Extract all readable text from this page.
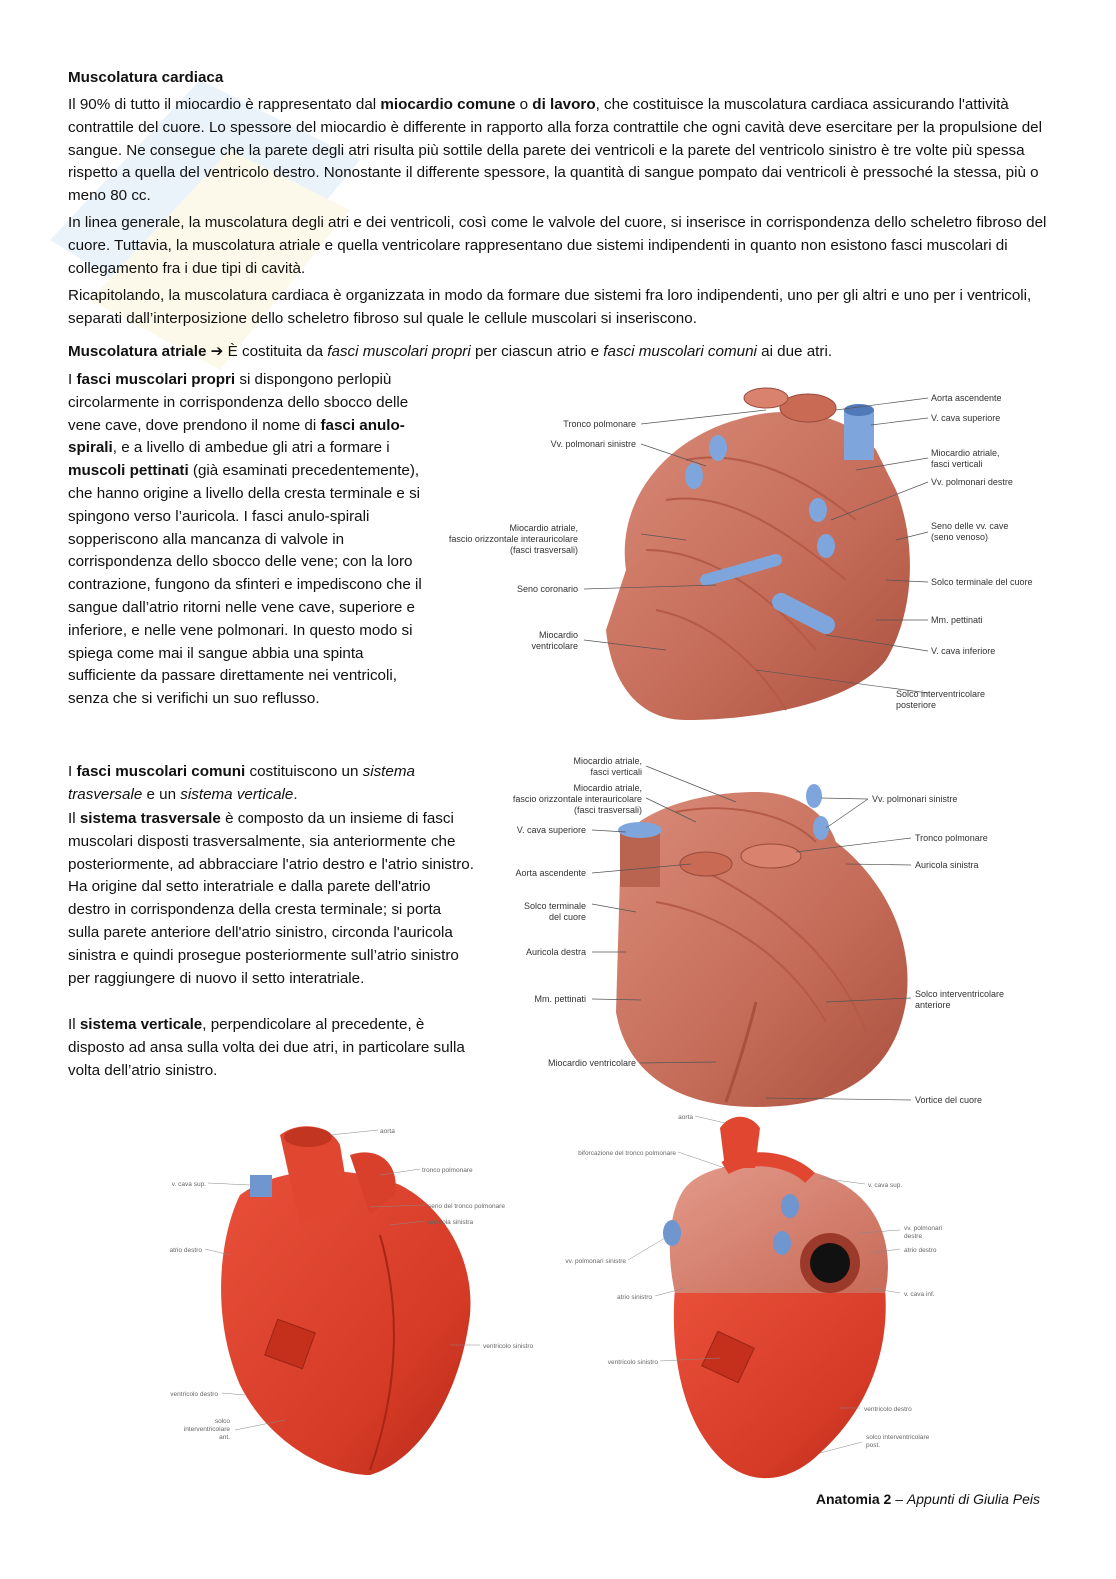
Muscolatura cardiaca

Il 90% di tutto il miocardio è rappresentato dal miocardio comune o di lavoro, che costituisce la muscolatura cardiaca assicurando l'attività contrattile del cuore. Lo spessore del miocardio è differente in rapporto alla forza contrattile che ogni cavità deve esercitare per la propulsione del sangue. Ne consegue che la parete degli atri risulta più sottile della parete dei ventricoli e la parete del ventricolo sinistro è tre volte più spessa rispetto a quella del ventricolo destro. Nonostante il differente spessore, la quantità di sangue pompato dai ventricoli è pressoché la stessa, più o meno 80 cc.

In linea generale, la muscolatura degli atri e dei ventricoli, così come le valvole del cuore, si inserisce in corrispondenza dello scheletro fibroso del cuore. Tuttavia, la muscolatura atriale e quella ventricolare rappresentano due sistemi indipendenti in quanto non esistono fasci muscolari di collegamento fra i due tipi di cavità.

Ricapitolando, la muscolatura cardiaca è organizzata in modo da formare due sistemi fra loro indipendenti, uno per gli altri e uno per i ventricoli, separati dall’interposizione dello scheletro fibroso sul quale le cellule muscolari si inseriscono.

Muscolatura atriale ➔ È costituita da fasci muscolari propri per ciascun atrio e fasci muscolari comuni ai due atri.

I fasci muscolari propri si dispongono perlopiù circolarmente in corrispondenza dello sbocco delle vene cave, dove prendono il nome di fasci anulo-spirali, e a livello di ambedue gli atri a formare i muscoli pettinati (già esaminati precedentemente), che hanno origine a livello della cresta terminale e si spingono verso l’auricola. I fasci anulo-spirali sopperiscono alla mancanza di valvole in corrispondenza dello sbocco delle vene; con la loro contrazione, fungono da sfinteri e impediscono che il sangue dall’atrio ritorni nelle vene cave, superiore e inferiore, e nelle vene polmonari. In questo modo si spiega come mai il sangue abbia una spinta sufficiente da passare direttamente nei ventricoli, senza che si verifichi un suo reflusso.

I fasci muscolari comuni costituiscono un sistema trasversale e un sistema verticale.

Il sistema trasversale è composto da un insieme di fasci muscolari disposti trasversalmente, sia anteriormente che posteriormente, ad abbracciare l'atrio destro e l'atrio sinistro. Ha origine dal setto interatriale e dalla parete dell'atrio destro in corrispondenza della cresta terminale; si porta sulla parete anteriore dell'atrio sinistro, circonda l'auricola sinistra e quindi prosegue posteriormente sull’atrio sinistro per raggiungere di nuovo il setto interatriale.

Il sistema verticale, perpendicolare al precedente, è disposto ad ansa sulla volta dei due atri, in particolare sulla volta dell’atrio sinistro.

Tronco polmonare
Vv. polmonari sinistre
Miocardio atriale,
fascio orizzontale interauricolare
(fasci trasversali)
Seno coronario
Miocardio
ventricolare
Aorta ascendente
V. cava superiore
Miocardio atriale,
fasci verticali
Vv. polmonari destre
Seno delle vv. cave
(seno venoso)
Solco terminale del cuore
Mm. pettinati
V. cava inferiore
Solco interventricolare
posteriore
Miocardio atriale,
fasci verticali
Miocardio atriale,
fascio orizzontale interauricolare
(fasci trasversali)
V. cava superiore
Aorta ascendente
Solco terminale
del cuore
Auricola destra
Mm. pettinati
Miocardio ventricolare
Vv. polmonari sinistre
Tronco polmonare
Auricola sinistra
Solco interventricolare
anteriore
Vortice del cuore
aorta
tronco polmonare
seno del tronco polmonare
auricola sinistra
v. cava sup.
atrio destro
ventricolo sinistro
ventricolo destro
solco
interventricolare
ant.
aorta
biforcazione del tronco polmonare
v. cava sup.
vv. polmonari
destre
atrio destro
vv. polmonari sinistre
v. cava inf.
atrio sinistro
ventricolo sinistro
ventricolo destro
solco interventricolare
post.
Anatomia 2 – Appunti di Giulia Peis
